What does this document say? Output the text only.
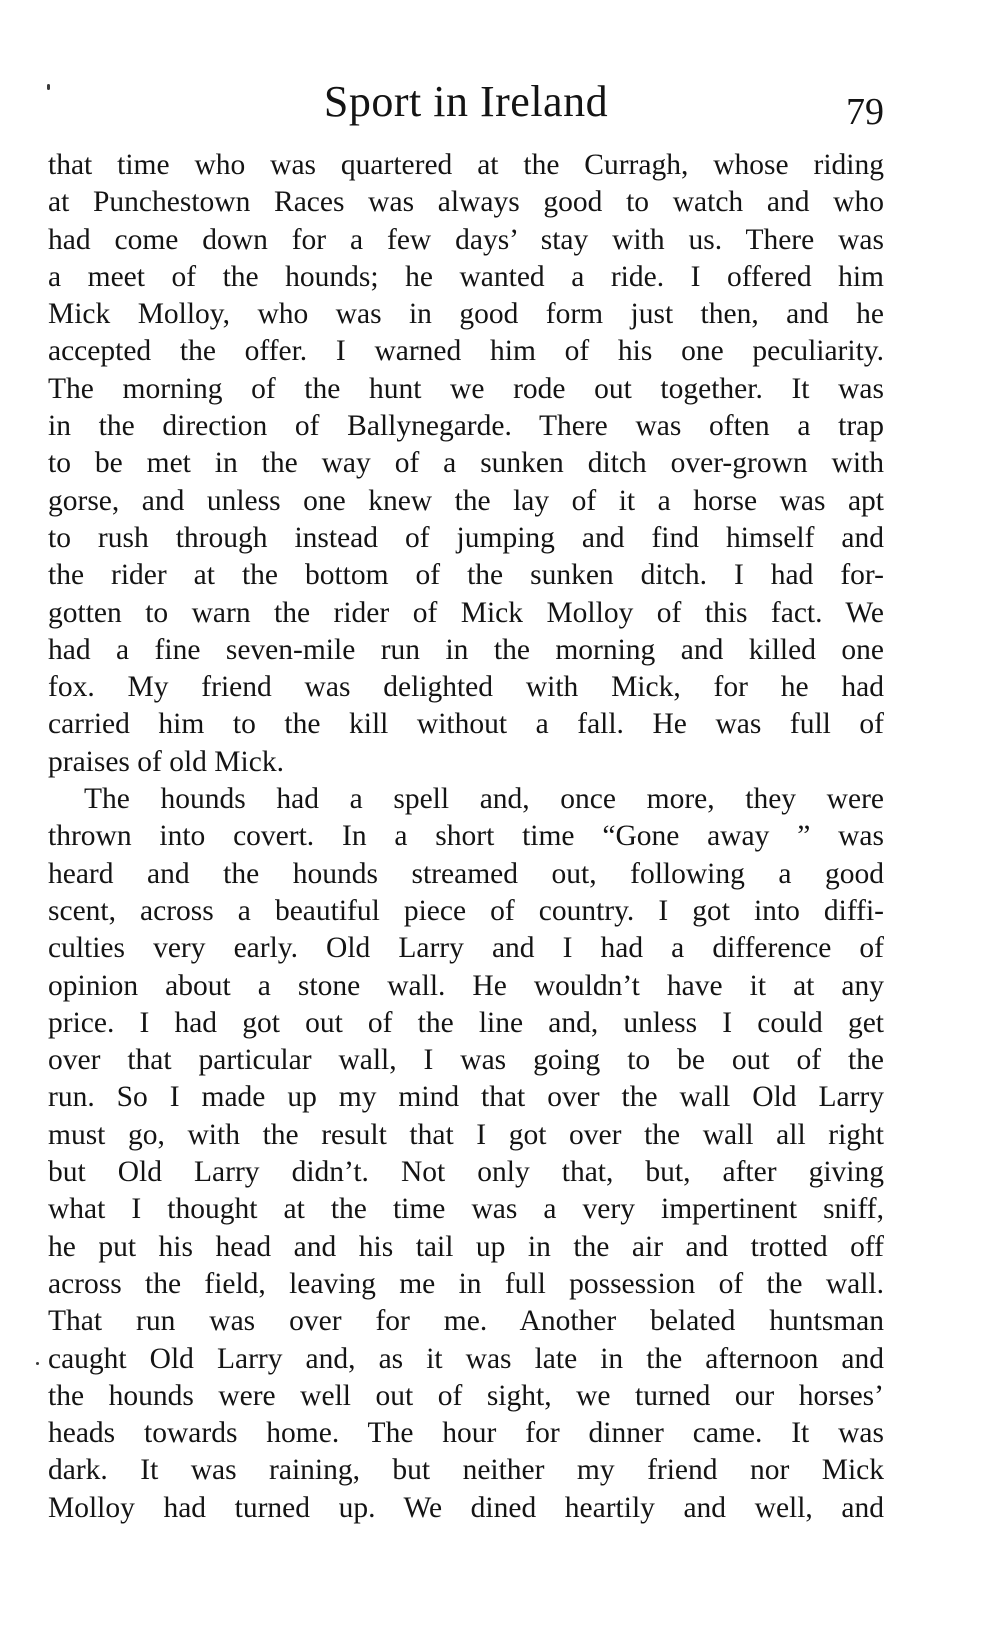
Sport in Ireland	79
that time who was quartered at the Curragh, whose riding
at Punchestown Races was always good to watch and who
had come down for a few days’ stay with us. There was
a meet of the hounds; he wanted a ride. I offered him
Mick Molloy, who was in good form just then, and he
accepted the offer. I warned him of his one peculiarity.
The morning of the hunt we rode out together. It was
in the direction of Ballynegarde. There was often a trap
to be met in the way of a sunken ditch over-grown with
gorse, and unless one knew the lay of it a horse was apt
to rush through instead of jumping and find himself and
the rider at the bottom of the sunken ditch. I had for-
gotten to warn the rider of Mick Molloy of this fact. We
had a fine seven-mile run in the morning and killed one
fox. My friend was delighted with Mick, for he had
carried him to the kill without a fall. He was full of
praises of old Mick.
The hounds had a spell and, once more, they were
thrown into covert. In a short time “Gone away ” was
heard and the hounds streamed out, following a good
scent, across a beautiful piece of country. I got into diffi-
culties very early. Old Larry and I had a difference of
opinion about a stone wall. He wouldn’t have it at any
price. I had got out of the line and, unless I could get
over that particular wall, I was going to be out of the
run. So I made up my mind that over the wall Old Larry
must go, with the result that I got over the wall all right
but Old Larry didn’t. Not only that, but, after giving
what I thought at the time was a very impertinent sniff,
he put his head and his tail up in the air and trotted off
across the field, leaving me in full possession of the wall.
That run was over for me. Another belated huntsman
caught Old Larry and, as it was late in the afternoon and
the hounds were well out of sight, we turned our horses’
heads towards home. The hour for dinner came. It was
dark. It was raining, but neither my friend nor Mick
Molloy had turned up. We dined heartily and well, and
